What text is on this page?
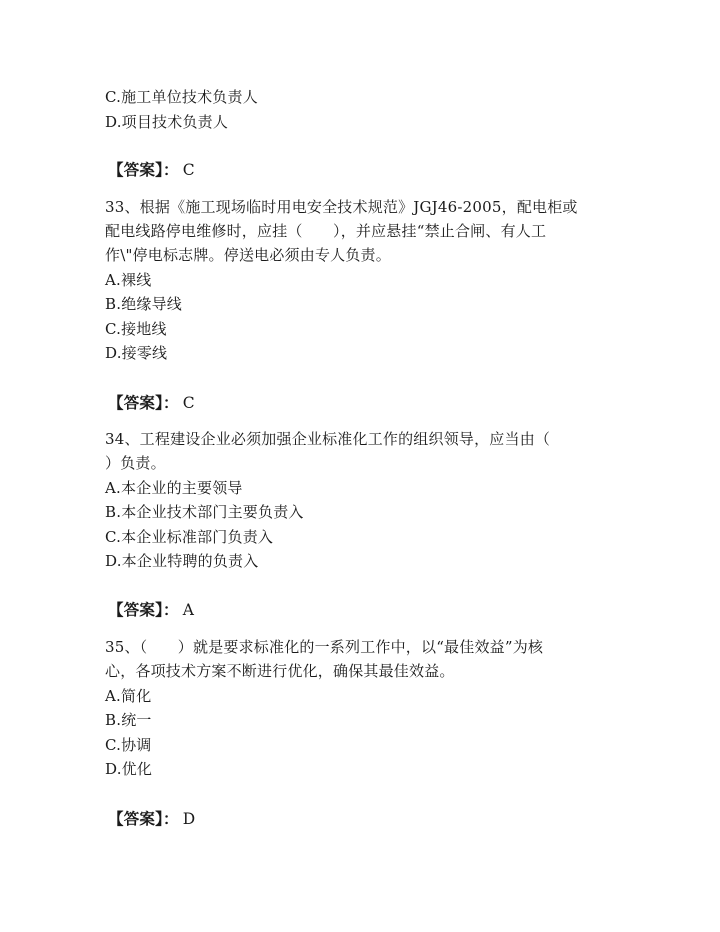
C.施工单位技术负责人
D.项目技术负责人
【答案】： C
33、根据《施工现场临时用电安全技术规范》JGJ46-2005，配电柜或
配电线路停电维修时，应挂（　　），并应悬挂“禁止合闸、有人工
作\"停电标志牌。停送电必须由专人负责。
A.裸线
B.绝缘导线
C.接地线
D.接零线
【答案】： C
34、工程建设企业必须加强企业标准化工作的组织领导，应当由（
）负责。
A.本企业的主要领导
B.本企业技术部门主要负责入
C.本企业标准部门负责入
D.本企业特聘的负责入
【答案】： A
35、（　　）就是要求标准化的一系列工作中，以“最佳效益”为核
心，各项技术方案不断进行优化，确保其最佳效益。
A.简化
B.统一
C.协调
D.优化
【答案】： D
